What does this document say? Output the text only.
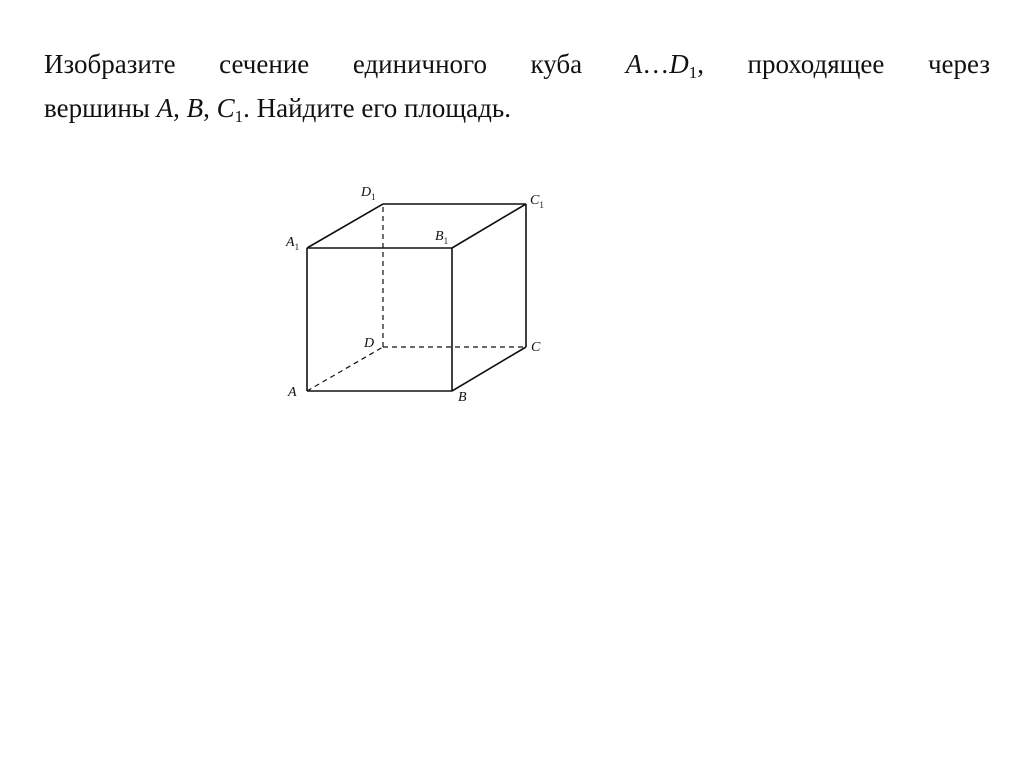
Изобразите сечение единичного куба $A\dots D_1$, проходящее через
вершины A, B, $C_1$. Найдите его площадь.
A	B
C
D
$A_1$
$B_1$
$C_1$
$D_1$
